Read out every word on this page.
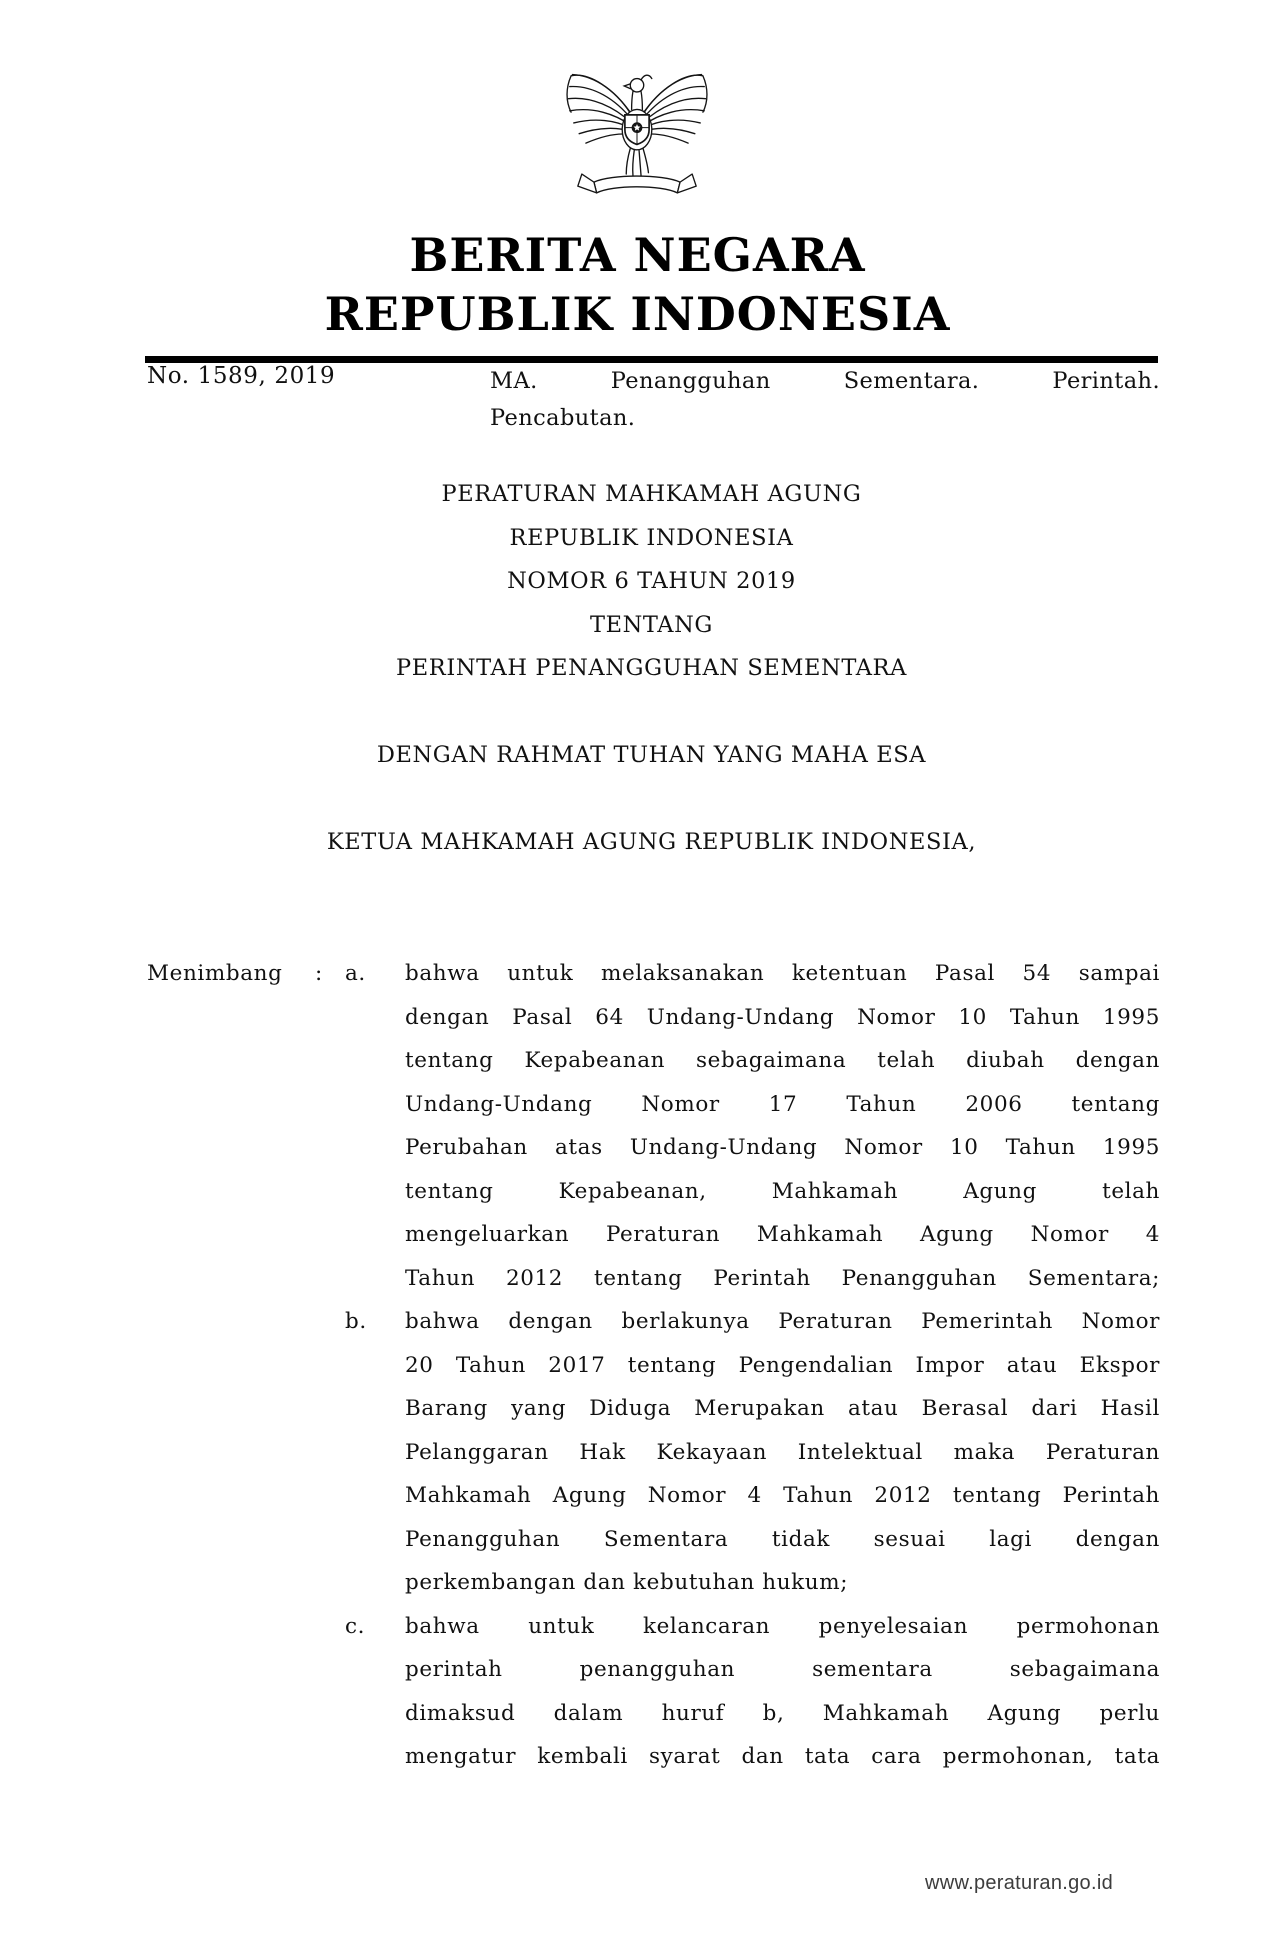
BERITA NEGARA
REPUBLIK INDONESIA
No. 1589, 2019	MA. Penangguhan Sementara. Perintah.
Pencabutan.
PERATURAN MAHKAMAH AGUNG
REPUBLIK INDONESIA
NOMOR 6 TAHUN 2019
TENTANG
PERINTAH PENANGGUHAN SEMENTARA
DENGAN RAHMAT TUHAN YANG MAHA ESA
KETUA MAHKAMAH AGUNG REPUBLIK INDONESIA,
Menimbang	:	a.	bahwa untuk melaksanakan ketentuan Pasal 54 sampai
dengan Pasal 64 Undang-Undang Nomor 10 Tahun 1995
tentang Kepabeanan sebagaimana telah diubah dengan
Undang-Undang Nomor 17 Tahun 2006 tentang
Perubahan atas Undang-Undang Nomor 10 Tahun 1995
tentang Kepabeanan, Mahkamah Agung telah
mengeluarkan Peraturan Mahkamah Agung Nomor 4
Tahun 2012 tentang Perintah Penangguhan Sementara;
b.	bahwa dengan berlakunya Peraturan Pemerintah Nomor
20 Tahun 2017 tentang Pengendalian Impor atau Ekspor
Barang yang Diduga Merupakan atau Berasal dari Hasil
Pelanggaran Hak Kekayaan Intelektual maka Peraturan
Mahkamah Agung Nomor 4 Tahun 2012 tentang Perintah
Penangguhan Sementara tidak sesuai lagi dengan
perkembangan dan kebutuhan hukum;
c.	bahwa untuk kelancaran penyelesaian permohonan
perintah penangguhan sementara sebagaimana
dimaksud dalam huruf b, Mahkamah Agung perlu
mengatur kembali syarat dan tata cara permohonan, tata
www.peraturan.go.id
